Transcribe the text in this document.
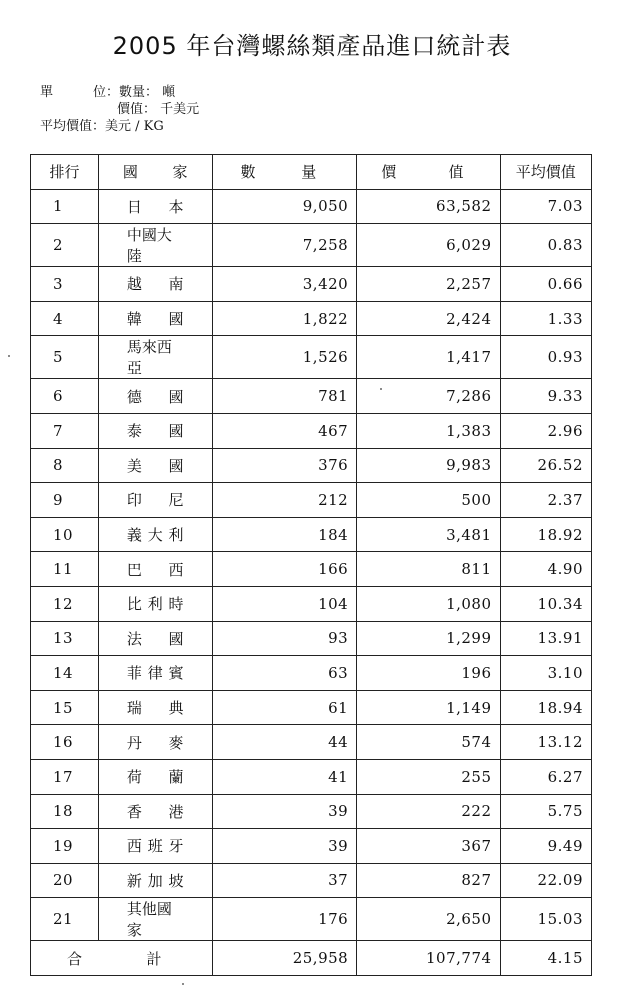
2005 年台灣螺絲類產品進口統計表
單	位：數量： 噸
價值： 千美元
平均價值：美元 / KG
排行	國 家	數 量	價 值	平均價值
1	日 本	9,050	63,582	7.03
2	中國大陸	7,258	6,029	0.83
3	越 南	3,420	2,257	0.66
4	韓 國	1,822	2,424	1.33
5	馬來西亞	1,526	1,417	0.93
6	德 國	781	7,286	9.33
7	泰 國	467	1,383	2.96
8	美 國	376	9,983	26.52
9	印 尼	212	500	2.37
10	義 大 利	184	3,481	18.92
11	巴 西	166	811	4.90
12	比 利 時	104	1,080	10.34
13	法 國	93	1,299	13.91
14	菲 律 賓	63	196	3.10
15	瑞 典	61	1,149	18.94
16	丹 麥	44	574	13.12
17	荷 蘭	41	255	6.27
18	香 港	39	222	5.75
19	西 班 牙	39	367	9.49
20	新 加 坡	37	827	22.09
21	其他國家	176	2,650	15.03

合 計		25,958	107,774	4.15
